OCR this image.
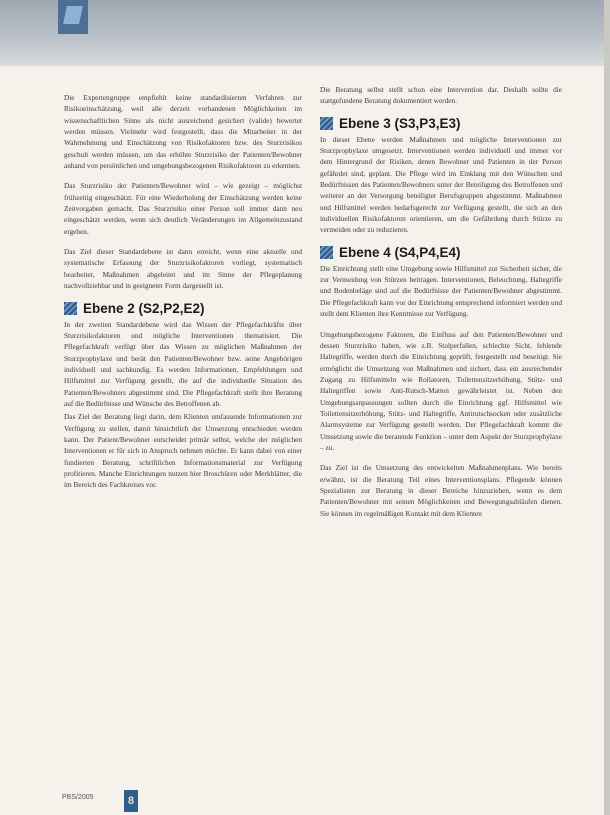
Die Expertengruppe empfiehlt keine standardisierten Verfahren zur Risikoeinschätzung, weil alle derzeit vorhandenen Möglichkeiten im wissenschaftlichen Sinne als nicht ausreichend gesichert (valide) bewertet werden müssen. Vielmehr wird festgestellt, dass die Mitarbeiter in der Wahrnehmung und Einschätzung von Risikofaktoren bzw. des Sturzrisikos geschult werden müssen, um das erhöhte Sturzrisiko der Patienten/Bewohner anhand von persönlichen und umgebungsbezogenen Risikofaktoren zu erkennen.

Das Sturzrisiko der Patienten/Bewohner wird – wie gezeigt – möglichst frühzeitig eingeschätzt. Für eine Wiederholung der Einschätzung werden keine Zeitvorgaben gemacht. Das Sturzrisiko einer Person soll immer dann neu eingeschätzt werden, wenn sich deutlich Veränderungen im Allgemeinzustand ergeben.

Das Ziel dieser Standardebene ist dann erreicht, wenn eine aktuelle und systematische Erfassung der Sturzrisikofaktoren vorliegt, systematisch bearbeitet, Maßnahmen abgeleitet und im Sinne der Pflegeplanung nachvollziehbar und in geeigneter Form dargestellt ist.

Ebene 2 (S2,P2,E2)

In der zweiten Standardebene wird das Wissen der Pflegefachkräfte über Sturzrisikofaktoren und mögliche Interventionen thematisiert. Die Pflegefachkraft verfügt über das Wissen zu möglichen Maßnahmen der Sturzprophylaxe und berät den Patienten/Bewohner bzw. seine Angehörigen individuell und sachkundig. Es werden Informationen, Empfehlungen und Hilfsmittel zur Verfügung gestellt, die auf die individuelle Situation des Patienten/Bewohners abgestimmt sind. Die Pflegefachkraft stellt ihre Beratung auf die Bedürfnisse und Wünsche des Betroffenen ab.

Das Ziel der Beratung liegt darin, dem Klienten umfassende Informationen zur Verfügung zu stellen, damit hinsichtlich der Umsetzung entschieden werden kann. Der Patient/Bewohner entscheidet primär selbst, welche der möglichen Interventionen er für sich in Anspruch nehmen möchte. Er kann dabei von einer fundierten Beratung, schriftlichen Informationsmaterial zur Verfügung profitieren. Manche Einrichtungen nutzen hier Broschüren oder Merkblätter, die im Bereich des Fachkreises vor.

Die Beratung selbst stellt schon eine Intervention dar. Deshalb sollte die stattgefundene Beratung dokumentiert werden.

Ebene 3 (S3,P3,E3)

In dieser Ebene werden Maßnahmen und mögliche Interventionen zur Sturzprophylaxe umgesetzt. Interventionen werden individuell und immer vor dem Hintergrund der Risiken, denen Bewohner und Patienten in der Person gefährdet sind, geplant. Die Pflege wird im Einklang mit den Wünschen und Bedürfnissen des Patienten/Bewohners unter der Beteiligung des Betroffenen und weiterer an der Versorgung beteiligter Berufsgruppen abgestimmt. Maßnahmen und Hilfsmittel werden bedarfsgerecht zur Verfügung gestellt, die sich an den individuellen Risikofaktoren orientieren, um die Gefährdung durch Stürze zu vermeiden oder zu reduzieren.

Ebene 4 (S4,P4,E4)

Die Einrichtung stellt eine Umgebung sowie Hilfsmittel zur Sicherheit sicher, die zur Vermeidung von Stürzen beitragen. Interventionen, Beleuchtung, Haltegriffe und Bodenbeläge sind auf die Bedürfnisse der Patienten/Bewohner abgestimmt. Die Pflegefachkraft kann vor der Einrichtung entsprechend informiert werden und stellt dem Klienten ihre Kenntnisse zur Verfügung.

Umgebungsbezogene Faktoren, die Einfluss auf den Patienten/Bewohner und dessen Sturzrisiko haben, wie z.B. Stolperfallen, schlechte Sicht, fehlende Haltegriffe, werden durch die Einrichtung geprüft, festgestellt und beseitigt. Sie ermöglicht die Umsetzung von Maßnahmen und sichert, dass ein ausreichender Zugang zu Hilfsmitteln wie Rollatoren, Toilettensitzerhöhung, Stütz- und Haltegriffen sowie Anti-Rutsch-Matten gewährleistet ist. Neben den Umgebungsanpassungen sollten durch die Einrichtung ggf. Hilfsmittel wie Toilettensitzerhöhung, Stütz- und Haltegriffe, Antirutschsocken oder zusätzliche Alarmsysteme zur Verfügung gestellt werden. Der Pflegefachkraft kommt die Umsetzung sowie die beratende Funktion – unter dem Aspekt der Sturzprophylaxe – zu.

Das Ziel ist die Umsetzung des entwickelten Maßnahmenplans. Wie bereits erwähnt, ist die Beratung Teil eines Interventionsplans. Pflegende können Spezialisten zur Beratung in dieser Bereiche hinzuziehen, wenn es dem Patienten/Bewohner mit seinen Möglichkeiten und Bewegungsabläufen dienen. Sie können im regelmäßigen Kontakt mit dem Klienten

PBS/2005	8
